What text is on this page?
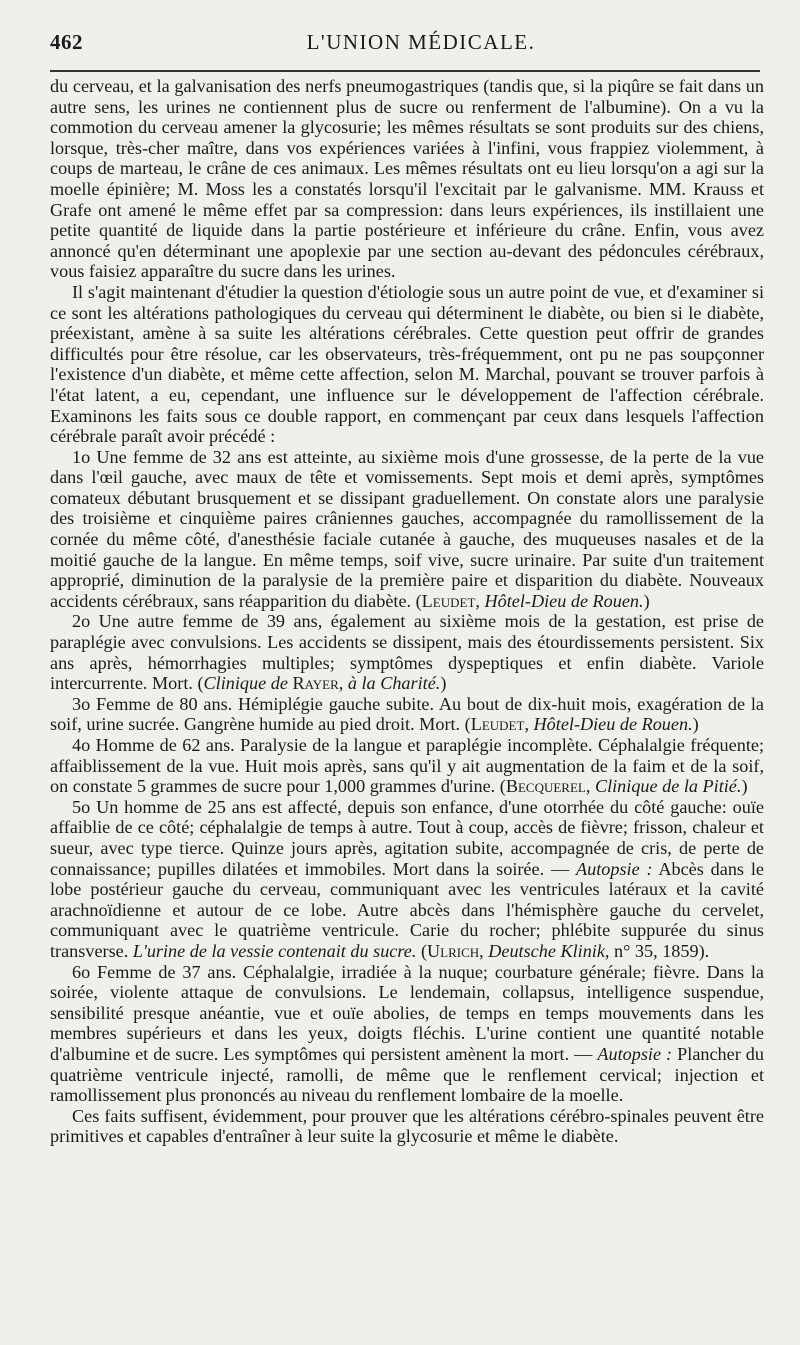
462	L'UNION MÉDICALE.

du cerveau, et la galvanisation des nerfs pneumogastriques (tandis que, si la piqûre se fait dans un autre sens, les urines ne contiennent plus de sucre ou renferment de l'albumine). On a vu la commotion du cerveau amener la glycosurie; les mêmes résultats se sont produits sur des chiens, lorsque, très-cher maître, dans vos expériences variées à l'infini, vous frappiez violemment, à coups de marteau, le crâne de ces animaux. Les mêmes résultats ont eu lieu lorsqu'on a agi sur la moelle épinière; M. Moss les a constatés lorsqu'il l'excitait par le galvanisme. MM. Krauss et Grafe ont amené le même effet par sa compression: dans leurs expériences, ils instillaient une petite quantité de liquide dans la partie postérieure et inférieure du crâne. Enfin, vous avez annoncé qu'en déterminant une apoplexie par une section au-devant des pédoncules cérébraux, vous faisiez apparaître du sucre dans les urines.

Il s'agit maintenant d'étudier la question d'étiologie sous un autre point de vue, et d'examiner si ce sont les altérations pathologiques du cerveau qui déterminent le diabète, ou bien si le diabète, préexistant, amène à sa suite les altérations cérébrales. Cette question peut offrir de grandes difficultés pour être résolue, car les observateurs, très-fréquemment, ont pu ne pas soupçonner l'existence d'un diabète, et même cette affection, selon M. Marchal, pouvant se trouver parfois à l'état latent, a eu, cependant, une influence sur le développement de l'affection cérébrale. Examinons les faits sous ce double rapport, en commençant par ceux dans lesquels l'affection cérébrale paraît avoir précédé :

1o Une femme de 32 ans est atteinte, au sixième mois d'une grossesse, de la perte de la vue dans l'œil gauche, avec maux de tête et vomissements. Sept mois et demi après, symptômes comateux débutant brusquement et se dissipant graduellement. On constate alors une paralysie des troisième et cinquième paires crâniennes gauches, accompagnée du ramollissement de la cornée du même côté, d'anesthésie faciale cutanée à gauche, des muqueuses nasales et de la moitié gauche de la langue. En même temps, soif vive, sucre urinaire. Par suite d'un traitement approprié, diminution de la paralysie de la première paire et disparition du diabète. Nouveaux accidents cérébraux, sans réapparition du diabète. (Leudet, Hôtel-Dieu de Rouen.)

2o Une autre femme de 39 ans, également au sixième mois de la gestation, est prise de paraplégie avec convulsions. Les accidents se dissipent, mais des étourdissements persistent. Six ans après, hémorrhagies multiples; symptômes dyspeptiques et enfin diabète. Variole intercurrente. Mort. (Clinique de Rayer, à la Charité.)

3o Femme de 80 ans. Hémiplégie gauche subite. Au bout de dix-huit mois, exagération de la soif, urine sucrée. Gangrène humide au pied droit. Mort. (Leudet, Hôtel-Dieu de Rouen.)

4o Homme de 62 ans. Paralysie de la langue et paraplégie incomplète. Céphalalgie fréquente; affaiblissement de la vue. Huit mois après, sans qu'il y ait augmentation de la faim et de la soif, on constate 5 grammes de sucre pour 1,000 grammes d'urine. (Becquerel, Clinique de la Pitié.)

5o Un homme de 25 ans est affecté, depuis son enfance, d'une otorrhée du côté gauche: ouïe affaiblie de ce côté; céphalalgie de temps à autre. Tout à coup, accès de fièvre; frisson, chaleur et sueur, avec type tierce. Quinze jours après, agitation subite, accompagnée de cris, de perte de connaissance; pupilles dilatées et immobiles. Mort dans la soirée. — Autopsie : Abcès dans le lobe postérieur gauche du cerveau, communiquant avec les ventricules latéraux et la cavité arachnoïdienne et autour de ce lobe. Autre abcès dans l'hémisphère gauche du cervelet, communiquant avec le quatrième ventricule. Carie du rocher; phlébite suppurée du sinus transverse. L'urine de la vessie contenait du sucre. (Ulrich, Deutsche Klinik, n° 35, 1859).

6o Femme de 37 ans. Céphalalgie, irradiée à la nuque; courbature générale; fièvre. Dans la soirée, violente attaque de convulsions. Le lendemain, collapsus, intelligence suspendue, sensibilité presque anéantie, vue et ouïe abolies, de temps en temps mouvements dans les membres supérieurs et dans les yeux, doigts fléchis. L'urine contient une quantité notable d'albumine et de sucre. Les symptômes qui persistent amènent la mort. — Autopsie : Plancher du quatrième ventricule injecté, ramolli, de même que le renflement cervical; injection et ramollissement plus prononcés au niveau du renflement lombaire de la moelle.

Ces faits suffisent, évidemment, pour prouver que les altérations cérébro-spinales peuvent être primitives et capables d'entraîner à leur suite la glycosurie et même le diabète.
